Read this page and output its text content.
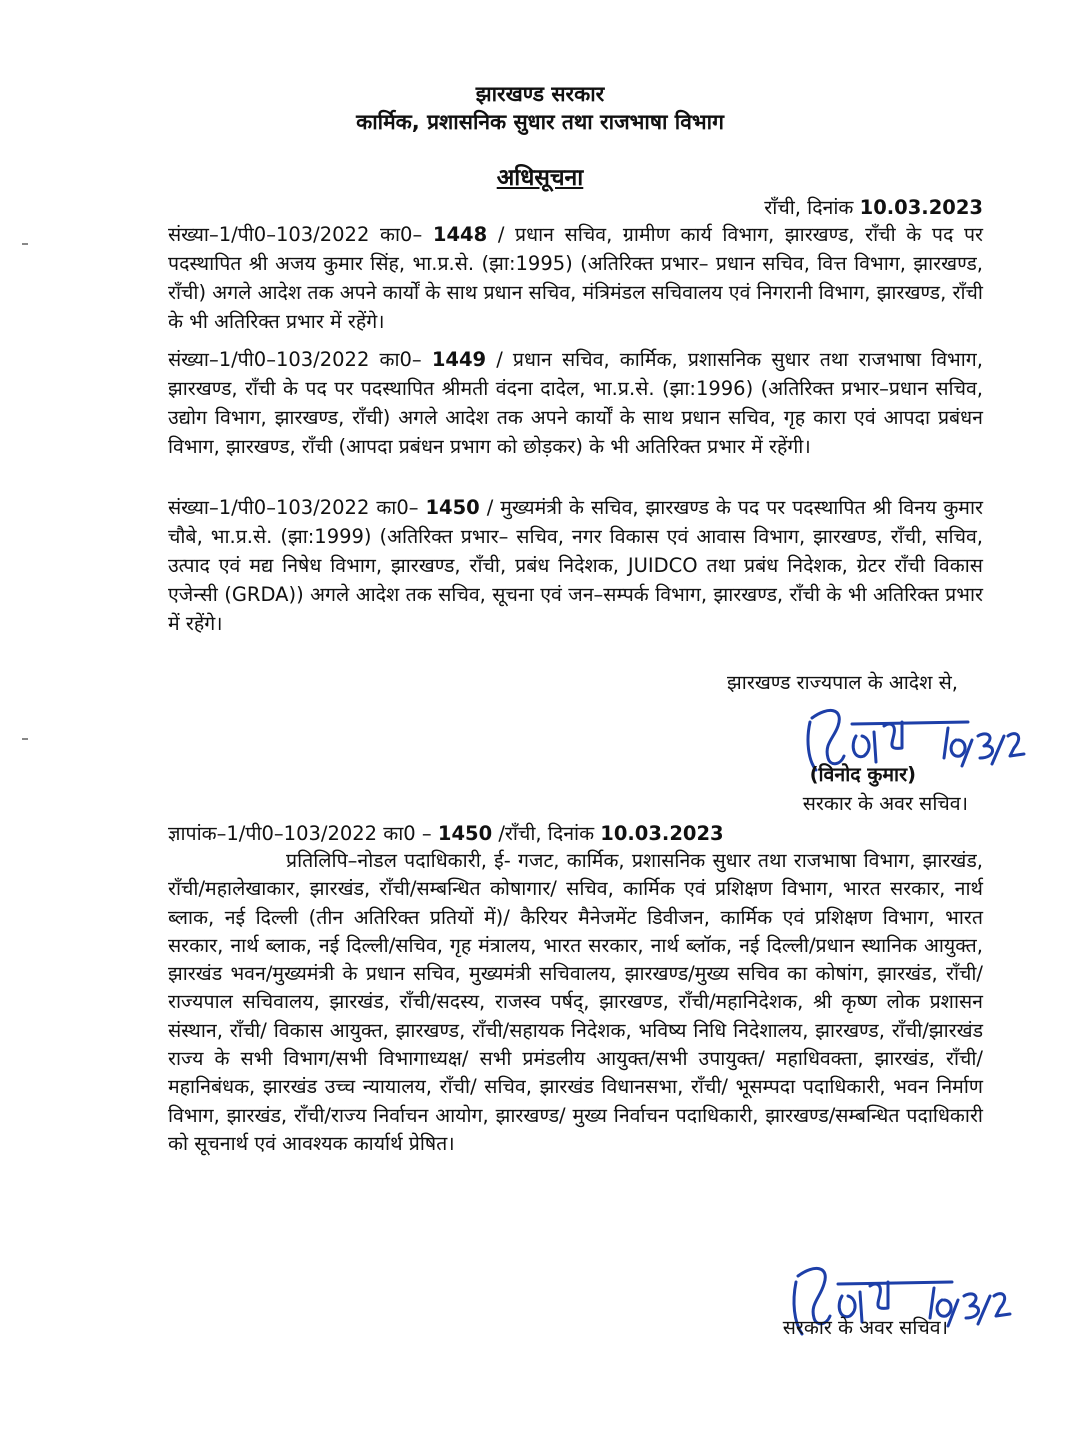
झारखण्ड सरकार
कार्मिक, प्रशासनिक सुधार तथा राजभाषा विभाग
अधिसूचना
राँची, दिनांक 10.03.2023
संख्या–1/पी0–103/2022 का0– 1448 / प्रधान सचिव, ग्रामीण कार्य विभाग, झारखण्ड, राँची के पद पर पदस्थापित श्री अजय कुमार सिंह, भा.प्र.से. (झा:1995) (अतिरिक्त प्रभार– प्रधान सचिव, वित्त विभाग, झारखण्ड, राँची) अगले आदेश तक अपने कार्यों के साथ प्रधान सचिव, मंत्रिमंडल सचिवालय एवं निगरानी विभाग, झारखण्ड, राँची के भी अतिरिक्त प्रभार में रहेंगे।
संख्या–1/पी0–103/2022 का0– 1449 / प्रधान सचिव, कार्मिक, प्रशासनिक सुधार तथा राजभाषा विभाग, झारखण्ड, राँची के पद पर पदस्थापित श्रीमती वंदना दादेल, भा.प्र.से. (झा:1996) (अतिरिक्त प्रभार–प्रधान सचिव, उद्योग विभाग, झारखण्ड, राँची) अगले आदेश तक अपने कार्यों के साथ प्रधान सचिव, गृह कारा एवं आपदा प्रबंधन विभाग, झारखण्ड, राँची (आपदा प्रबंधन प्रभाग को छोड़कर) के भी अतिरिक्त प्रभार में रहेंगी।
संख्या–1/पी0–103/2022 का0– 1450 / मुख्यमंत्री के सचिव, झारखण्ड के पद पर पदस्थापित श्री विनय कुमार चौबे, भा.प्र.से. (झा:1999) (अतिरिक्त प्रभार– सचिव, नगर विकास एवं आवास विभाग, झारखण्ड, राँची, सचिव, उत्पाद एवं मद्य निषेध विभाग, झारखण्ड, राँची, प्रबंध निदेशक, JUIDCO तथा प्रबंध निदेशक, ग्रेटर राँची विकास एजेन्सी (GRDA)) अगले आदेश तक सचिव, सूचना एवं जन–सम्पर्क विभाग, झारखण्ड, राँची के भी अतिरिक्त प्रभार में रहेंगे।
झारखण्ड राज्यपाल के आदेश से,
(विनोद कुमार)
सरकार के अवर सचिव।
ज्ञापांक–1/पी0–103/2022 का0 – 1450 /राँची, दिनांक 10.03.2023
प्रतिलिपि–नोडल पदाधिकारी, ई- गजट, कार्मिक, प्रशासनिक सुधार तथा राजभाषा विभाग, झारखंड, राँची/महालेखाकार, झारखंड, राँची/सम्बन्धित कोषागार/ सचिव, कार्मिक एवं प्रशिक्षण विभाग, भारत सरकार, नार्थ ब्लाक, नई दिल्ली (तीन अतिरिक्त प्रतियों में)/ कैरियर मैनेजमेंट डिवीजन, कार्मिक एवं प्रशिक्षण विभाग, भारत सरकार, नार्थ ब्लाक, नई दिल्ली/सचिव, गृह मंत्रालय, भारत सरकार, नार्थ ब्लॉक, नई दिल्ली/प्रधान स्थानिक आयुक्त, झारखंड भवन/मुख्यमंत्री के प्रधान सचिव, मुख्यमंत्री सचिवालय, झारखण्ड/मुख्य सचिव का कोषांग, झारखंड, राँची/राज्यपाल सचिवालय, झारखंड, राँची/सदस्य, राजस्व पर्षद्, झारखण्ड, राँची/महानिदेशक, श्री कृष्ण लोक प्रशासन संस्थान, राँची/ विकास आयुक्त, झारखण्ड, राँची/सहायक निदेशक, भविष्य निधि निदेशालय, झारखण्ड, राँची/झारखंड राज्य के सभी विभाग/सभी विभागाध्यक्ष/ सभी प्रमंडलीय आयुक्त/सभी उपायुक्त/ महाधिवक्ता, झारखंड, राँची/महानिबंधक, झारखंड उच्च न्यायालय, राँची/ सचिव, झारखंड विधानसभा, राँची/ भूसम्पदा पदाधिकारी, भवन निर्माण विभाग, झारखंड, राँची/राज्य निर्वाचन आयोग, झारखण्ड/ मुख्य निर्वाचन पदाधिकारी, झारखण्ड/सम्बन्धित पदाधिकारी को सूचनार्थ एवं आवश्यक कार्यार्थ प्रेषित।
सरकार के अवर सचिव।
